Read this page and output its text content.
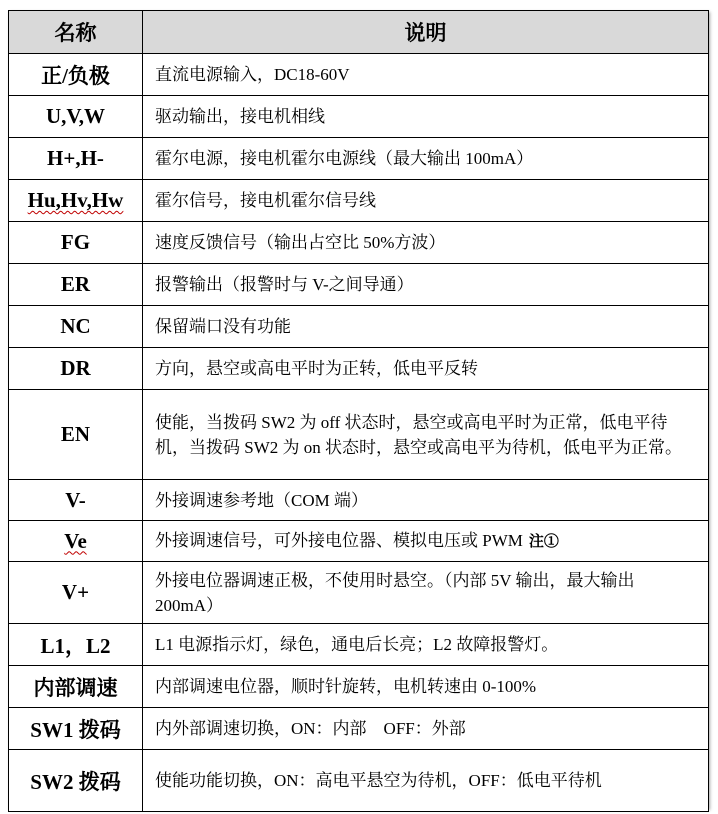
名称	说明
正/负极	直流电源输入，DC18-60V
U,V,W	驱动输出，接电机相线
H+,H-	霍尔电源，接电机霍尔电源线（最大输出 100mA）
Hu,Hv,Hw	霍尔信号，接电机霍尔信号线
FG	速度反馈信号（输出占空比 50%方波）
ER	报警输出（报警时与 V-之间导通）
NC	保留端口没有功能
DR	方向，悬空或高电平时为正转，低电平反转
EN	使能，当拨码 SW2 为 off 状态时，悬空或高电平时为正常，低电平待机，当拨码 SW2 为 on 状态时，悬空或高电平为待机，低电平为正常。
V-	外接调速参考地（COM 端）
Ve	外接调速信号，可外接电位器、模拟电压或 PWM 注①
V+	外接电位器调速正极，不使用时悬空。（内部 5V 输出，最大输出 200mA）
L1，L2	L1 电源指示灯，绿色，通电后长亮；L2 故障报警灯。
内部调速	内部调速电位器，顺时针旋转，电机转速由 0-100%
SW1 拨码	内外部调速切换，ON：内部    OFF：外部
SW2 拨码	使能功能切换，ON：高电平悬空为待机，OFF：低电平待机
